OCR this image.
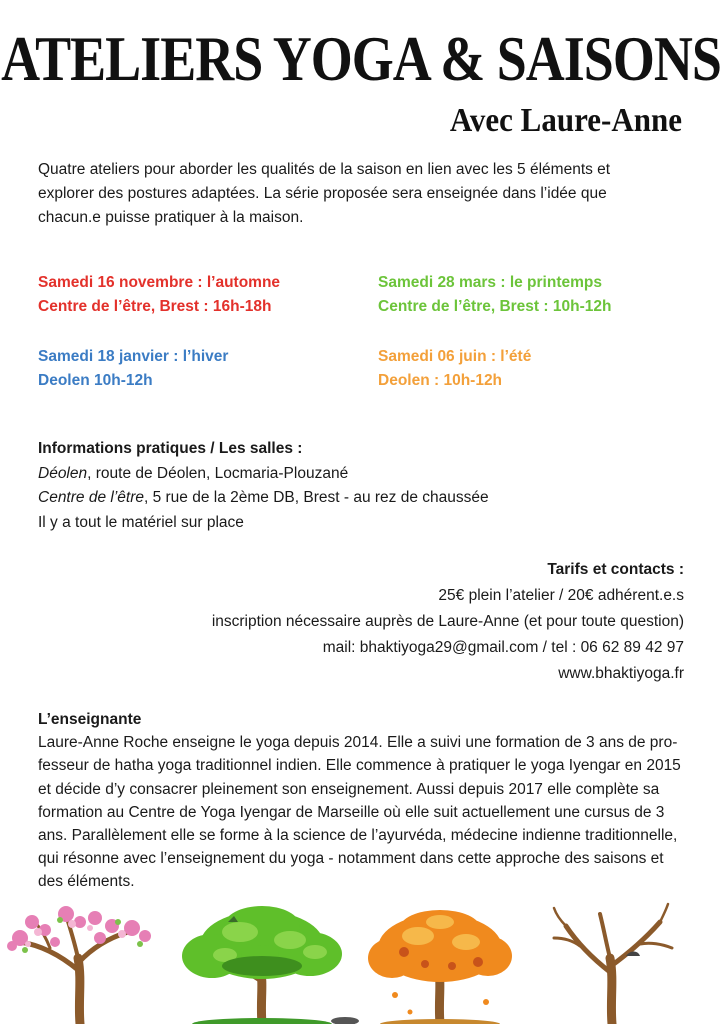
ATELIERS YOGA & SAISONS
Avec Laure-Anne
Quatre ateliers pour aborder les qualités de la saison en lien avec les 5 éléments et
explorer des postures adaptées. La série proposée sera enseignée dans l’idée que
chacun.e puisse pratiquer à la maison.
Samedi 16 novembre : l’automne
Centre de l’être, Brest : 16h-18h
Samedi 28 mars : le printemps
Centre de l’être, Brest : 10h-12h
Samedi 18 janvier : l’hiver
Deolen 10h-12h
Samedi 06 juin : l’été
Deolen : 10h-12h
Informations pratiques / Les salles :
Déolen, route de Déolen, Locmaria-Plouzané
Centre de l’être, 5 rue de la 2ème DB, Brest - au rez de chaussée
Il y a tout le matériel sur place
Tarifs et contacts :
25€ plein l’atelier / 20€ adhérent.e.s
inscription nécessaire auprès de Laure-Anne (et pour toute question)
mail: bhaktiyoga29@gmail.com / tel : 06 62 89 42 97
www.bhaktiyoga.fr
L’enseignante
Laure-Anne Roche enseigne le yoga depuis 2014. Elle a suivi une formation de 3 ans de pro-
fesseur de hatha yoga traditionnel indien. Elle commence à pratiquer le yoga Iyengar en 2015
et décide d’y consacrer pleinement son enseignement. Aussi depuis 2017 elle complète sa
formation au Centre de Yoga Iyengar de Marseille où elle suit actuellement une cursus de 3
ans. Parallèlement elle se forme à la science de l’ayurvéda, médecine indienne traditionnelle,
qui résonne avec l’enseignement du yoga - notamment dans cette approche des saisons et
des éléments.
